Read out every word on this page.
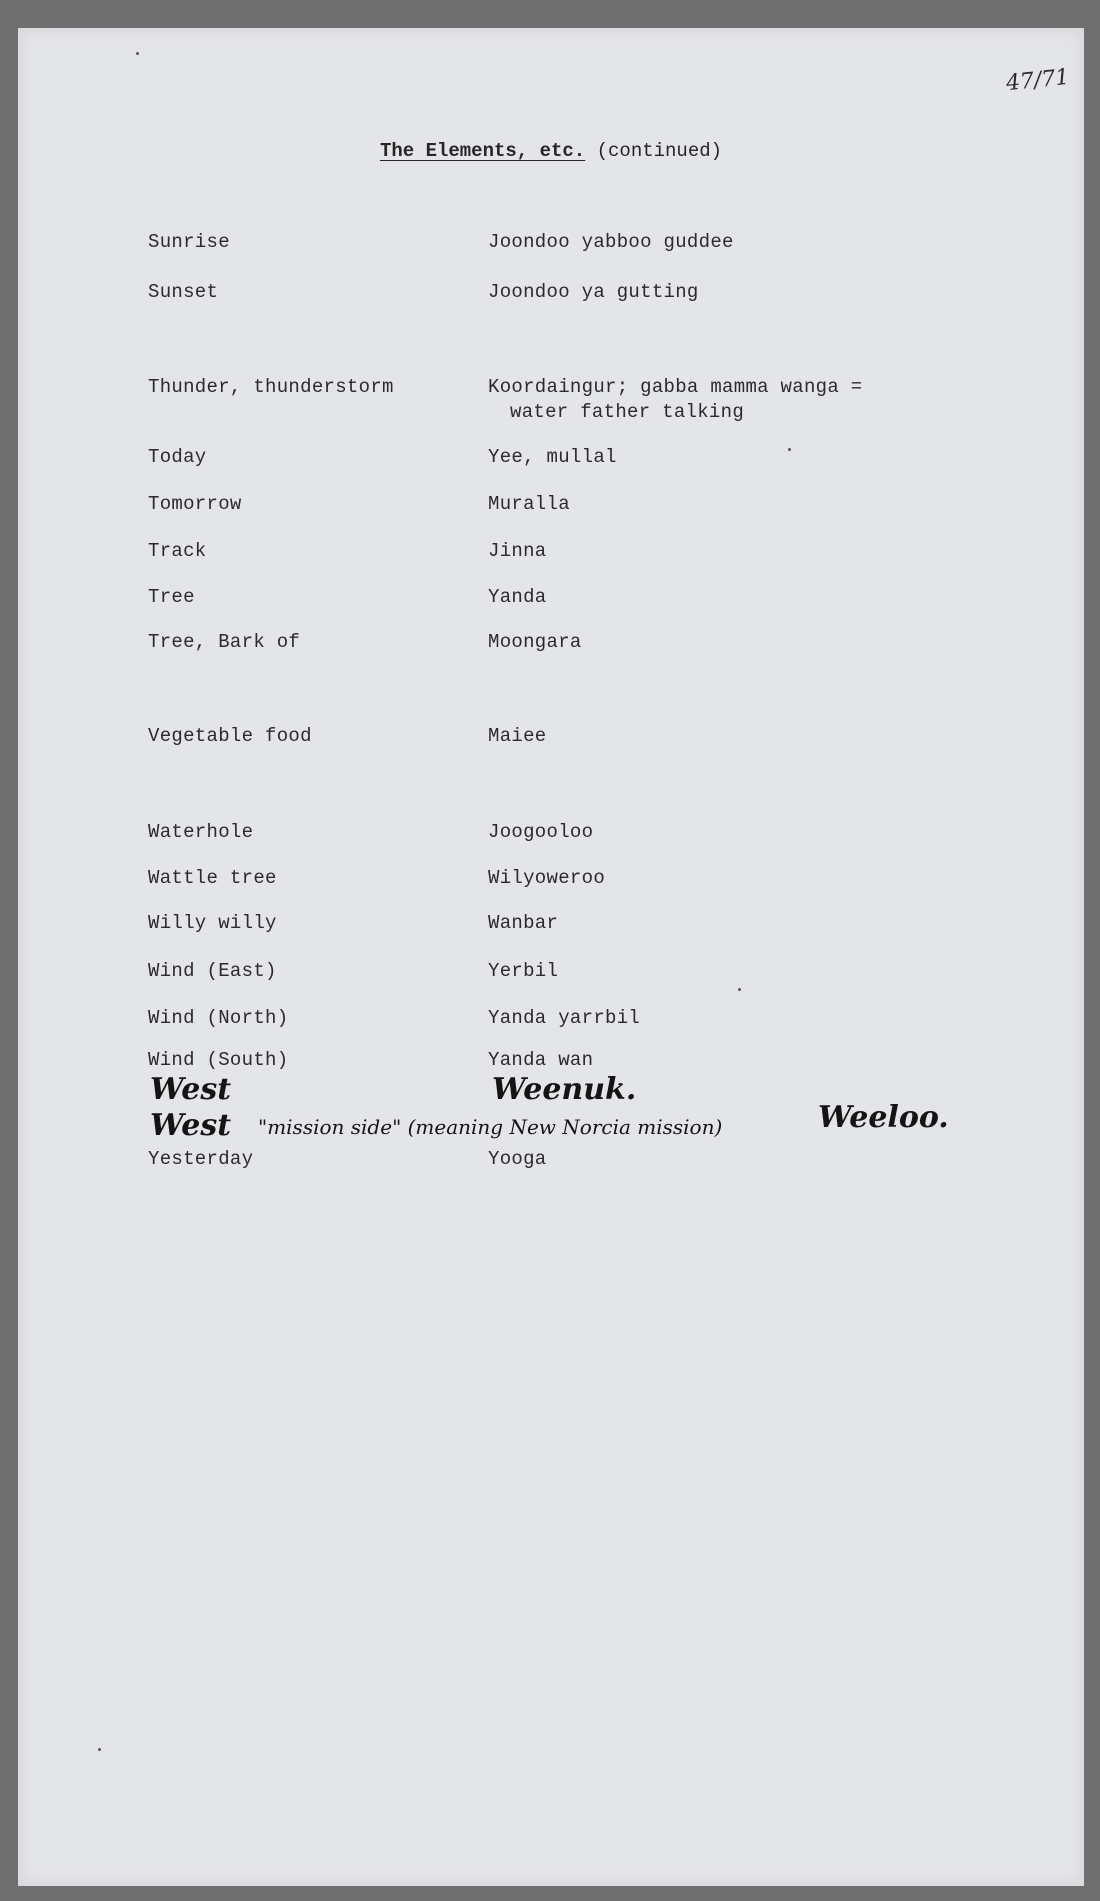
47/71
The Elements, etc. (continued)
Sunrise	Joondoo yabboo guddee
Sunset	Joondoo ya gutting
Thunder, thunderstorm	Koordaingur; gabba mamma wanga =
water father talking
Today	Yee, mullal
Tomorrow	Muralla
Track	Jinna
Tree	Yanda
Tree, Bark of	Moongara
Vegetable food	Maiee
Waterhole	Joogooloo
Wattle tree	Wilyoweroo
Willy willy	Wanbar
Wind (East)	Yerbil
Wind (North)	Yanda yarrbil
Wind (South)	Yanda wan
West	Weenuk.
West "mission side" (meaning New Norcia mission)	Weeloo.
Yesterday	Yooga
